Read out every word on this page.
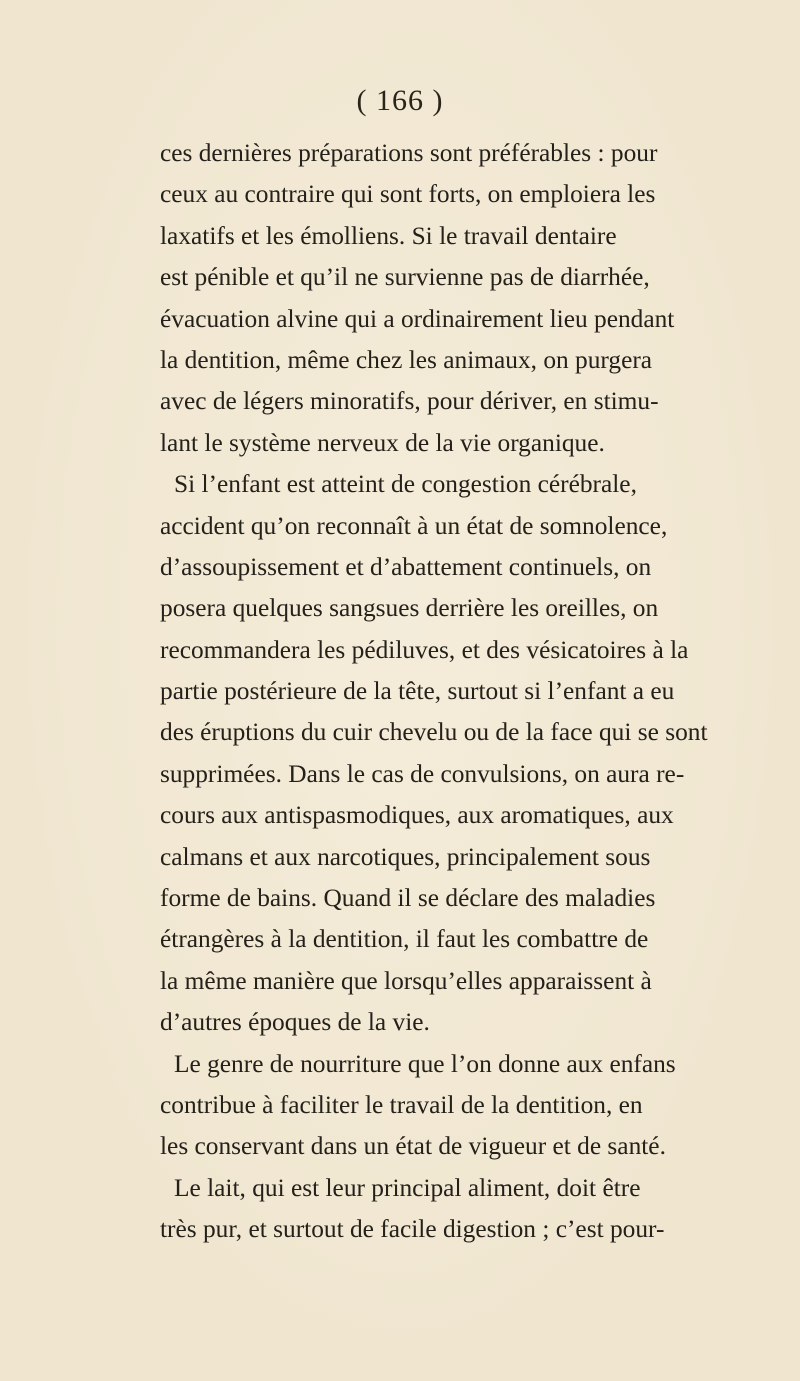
( 166 )
ces dernières préparations sont préférables : pour
ceux au contraire qui sont forts, on emploiera les
laxatifs et les émolliens. Si le travail dentaire
est pénible et qu’il ne survienne pas de diarrhée,
évacuation alvine qui a ordinairement lieu pendant
la dentition, même chez les animaux, on purgera
avec de légers minoratifs, pour dériver, en stimu-
lant le système nerveux de la vie organique.
Si l’enfant est atteint de congestion cérébrale,
accident qu’on reconnaît à un état de somnolence,
d’assoupissement et d’abattement continuels, on
posera quelques sangsues derrière les oreilles, on
recommandera les pédiluves, et des vésicatoires à la
partie postérieure de la tête, surtout si l’enfant a eu
des éruptions du cuir chevelu ou de la face qui se sont
supprimées. Dans le cas de convulsions, on aura re-
cours aux antispasmodiques, aux aromatiques, aux
calmans et aux narcotiques, principalement sous
forme de bains. Quand il se déclare des maladies
étrangères à la dentition, il faut les combattre de
la même manière que lorsqu’elles apparaissent à
d’autres époques de la vie.
Le genre de nourriture que l’on donne aux enfans
contribue à faciliter le travail de la dentition, en
les conservant dans un état de vigueur et de santé.
Le lait, qui est leur principal aliment, doit être
très pur, et surtout de facile digestion ; c’est pour-
